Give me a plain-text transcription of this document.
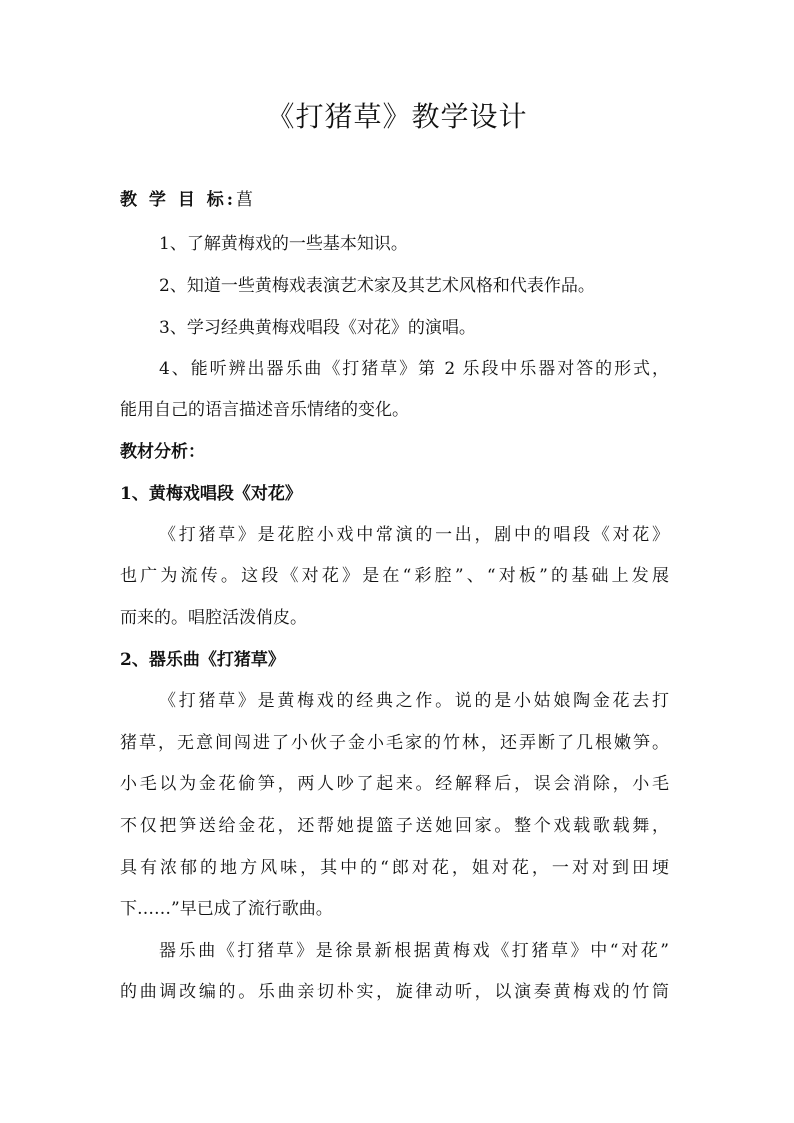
《打猪草》教学设计
教 学 目 标:菖
1、了解黄梅戏的一些基本知识。
2、知道一些黄梅戏表演艺术家及其艺术风格和代表作品。
3、学习经典黄梅戏唱段《对花》的演唱。
4、能听辨出器乐曲《打猪草》第 2 乐段中乐器对答的形式，
能用自己的语言描述音乐情绪的变化。
教材分析：
1、黄梅戏唱段《对花》
《打猪草》是花腔小戏中常演的一出，剧中的唱段《对花》
也广为流传。这段《对花》是在“彩腔”、“对板”的基础上发展
而来的。唱腔活泼俏皮。
2、器乐曲《打猪草》
《打猪草》是黄梅戏的经典之作。说的是小姑娘陶金花去打
猪草，无意间闯进了小伙子金小毛家的竹林，还弄断了几根嫩笋。
小毛以为金花偷笋，两人吵了起来。经解释后，误会消除，小毛
不仅把笋送给金花，还帮她提篮子送她回家。整个戏载歌载舞，
具有浓郁的地方风味，其中的“郎对花，姐对花，一对对到田埂
下……”早已成了流行歌曲。
器乐曲《打猪草》是徐景新根据黄梅戏《打猪草》中“对花”
的曲调改编的。乐曲亲切朴实，旋律动听，以演奏黄梅戏的竹筒
